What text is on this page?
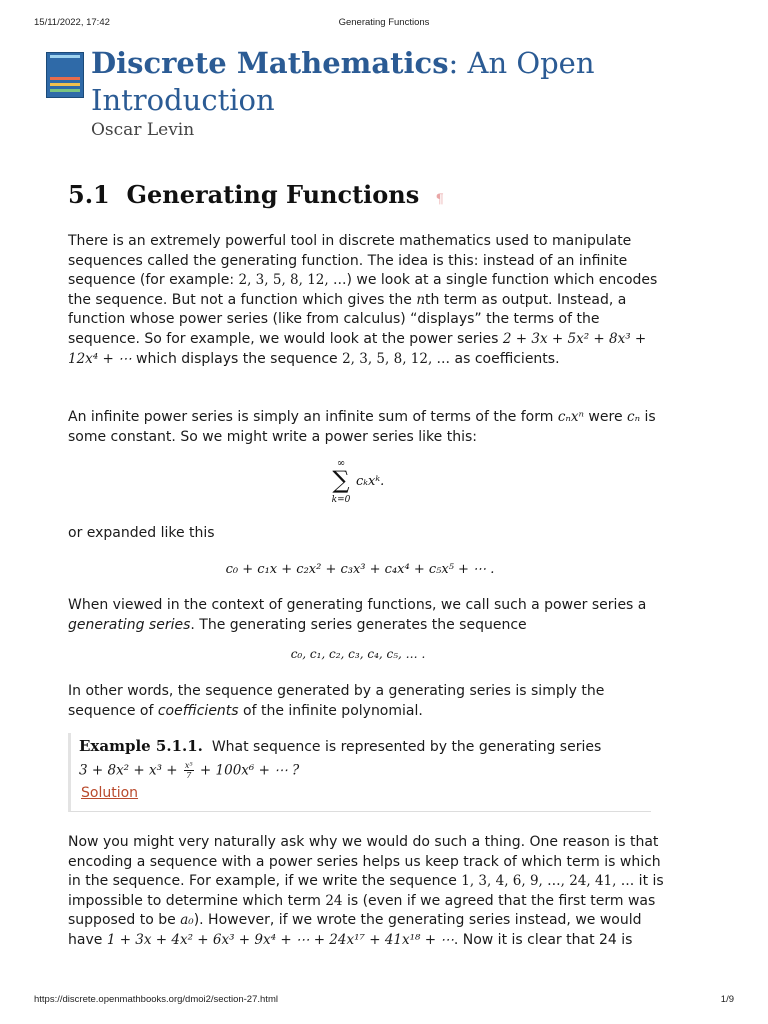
15/11/2022, 17:42	Generating Functions
Discrete Mathematics: An Open Introduction
Oscar Levin
5.1 Generating Functions ¶
There is an extremely powerful tool in discrete mathematics used to manipulate sequences called the generating function. The idea is this: instead of an infinite sequence (for example: 2, 3, 5, 8, 12, …) we look at a single function which encodes the sequence. But not a function which gives the nth term as output. Instead, a function whose power series (like from calculus) “displays” the terms of the sequence. So for example, we would look at the power series 2 + 3x + 5x² + 8x³ + 12x⁴ + ⋯ which displays the sequence 2, 3, 5, 8, 12, … as coefficients.
An infinite power series is simply an infinite sum of terms of the form cₙxⁿ were cₙ is some constant. So we might write a power series like this:
∞
∑
k=0
cₖxᵏ.
or expanded like this
c₀ + c₁x + c₂x² + c₃x³ + c₄x⁴ + c₅x⁵ + ⋯ .
When viewed in the context of generating functions, we call such a power series a generating series. The generating series generates the sequence
c₀, c₁, c₂, c₃, c₄, c₅, … .
In other words, the sequence generated by a generating series is simply the sequence of coefficients of the infinite polynomial.
Example 5.1.1. What sequence is represented by the generating series
$3 + 8x^2 + x^3 + \frac{\text{x⁵}}{7} + 100x^6$ + ⋯ ?
Solution
Now you might very naturally ask why we would do such a thing. One reason is that encoding a sequence with a power series helps us keep track of which term is which in the sequence. For example, if we write the sequence 1, 3, 4, 6, 9, …, 24, 41, … it is impossible to determine which term 24 is (even if we agreed that the first term was supposed to be a₀). However, if we wrote the generating series instead, we would have 1 + 3x + 4x² + 6x³ + 9x⁴ + ⋯ + 24x¹⁷ + 41x¹⁸ + ⋯. Now it is clear that 24 is
https://discrete.openmathbooks.org/dmoi2/section-27.html	1/9
